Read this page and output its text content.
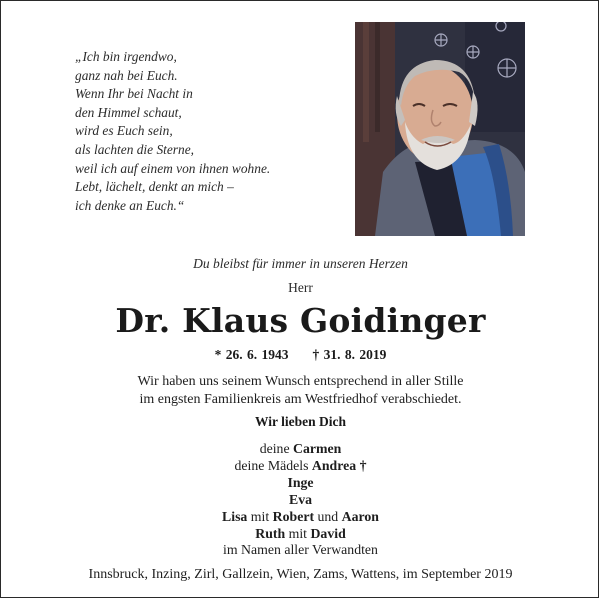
„Ich bin irgendwo,
ganz nah bei Euch.
Wenn Ihr bei Nacht in
den Himmel schaut,
wird es Euch sein,
als lachten die Sterne,
weil ich auf einem von ihnen wohne.
Lebt, lächelt, denkt an mich –
ich denke an Euch.“
Du bleibst für immer in unseren Herzen
Herr
Dr. Klaus Goidinger
* 26. 6. 1943 † 31. 8. 2019
Wir haben uns seinem Wunsch entsprechend in aller Stille
im engsten Familienkreis am Westfriedhof verabschiedet.
Wir lieben Dich
deine Carmen
deine Mädels Andrea †
Inge
Eva
Lisa mit Robert und Aaron
Ruth mit David
im Namen aller Verwandten
Innsbruck, Inzing, Zirl, Gallzein, Wien, Zams, Wattens, im September 2019
